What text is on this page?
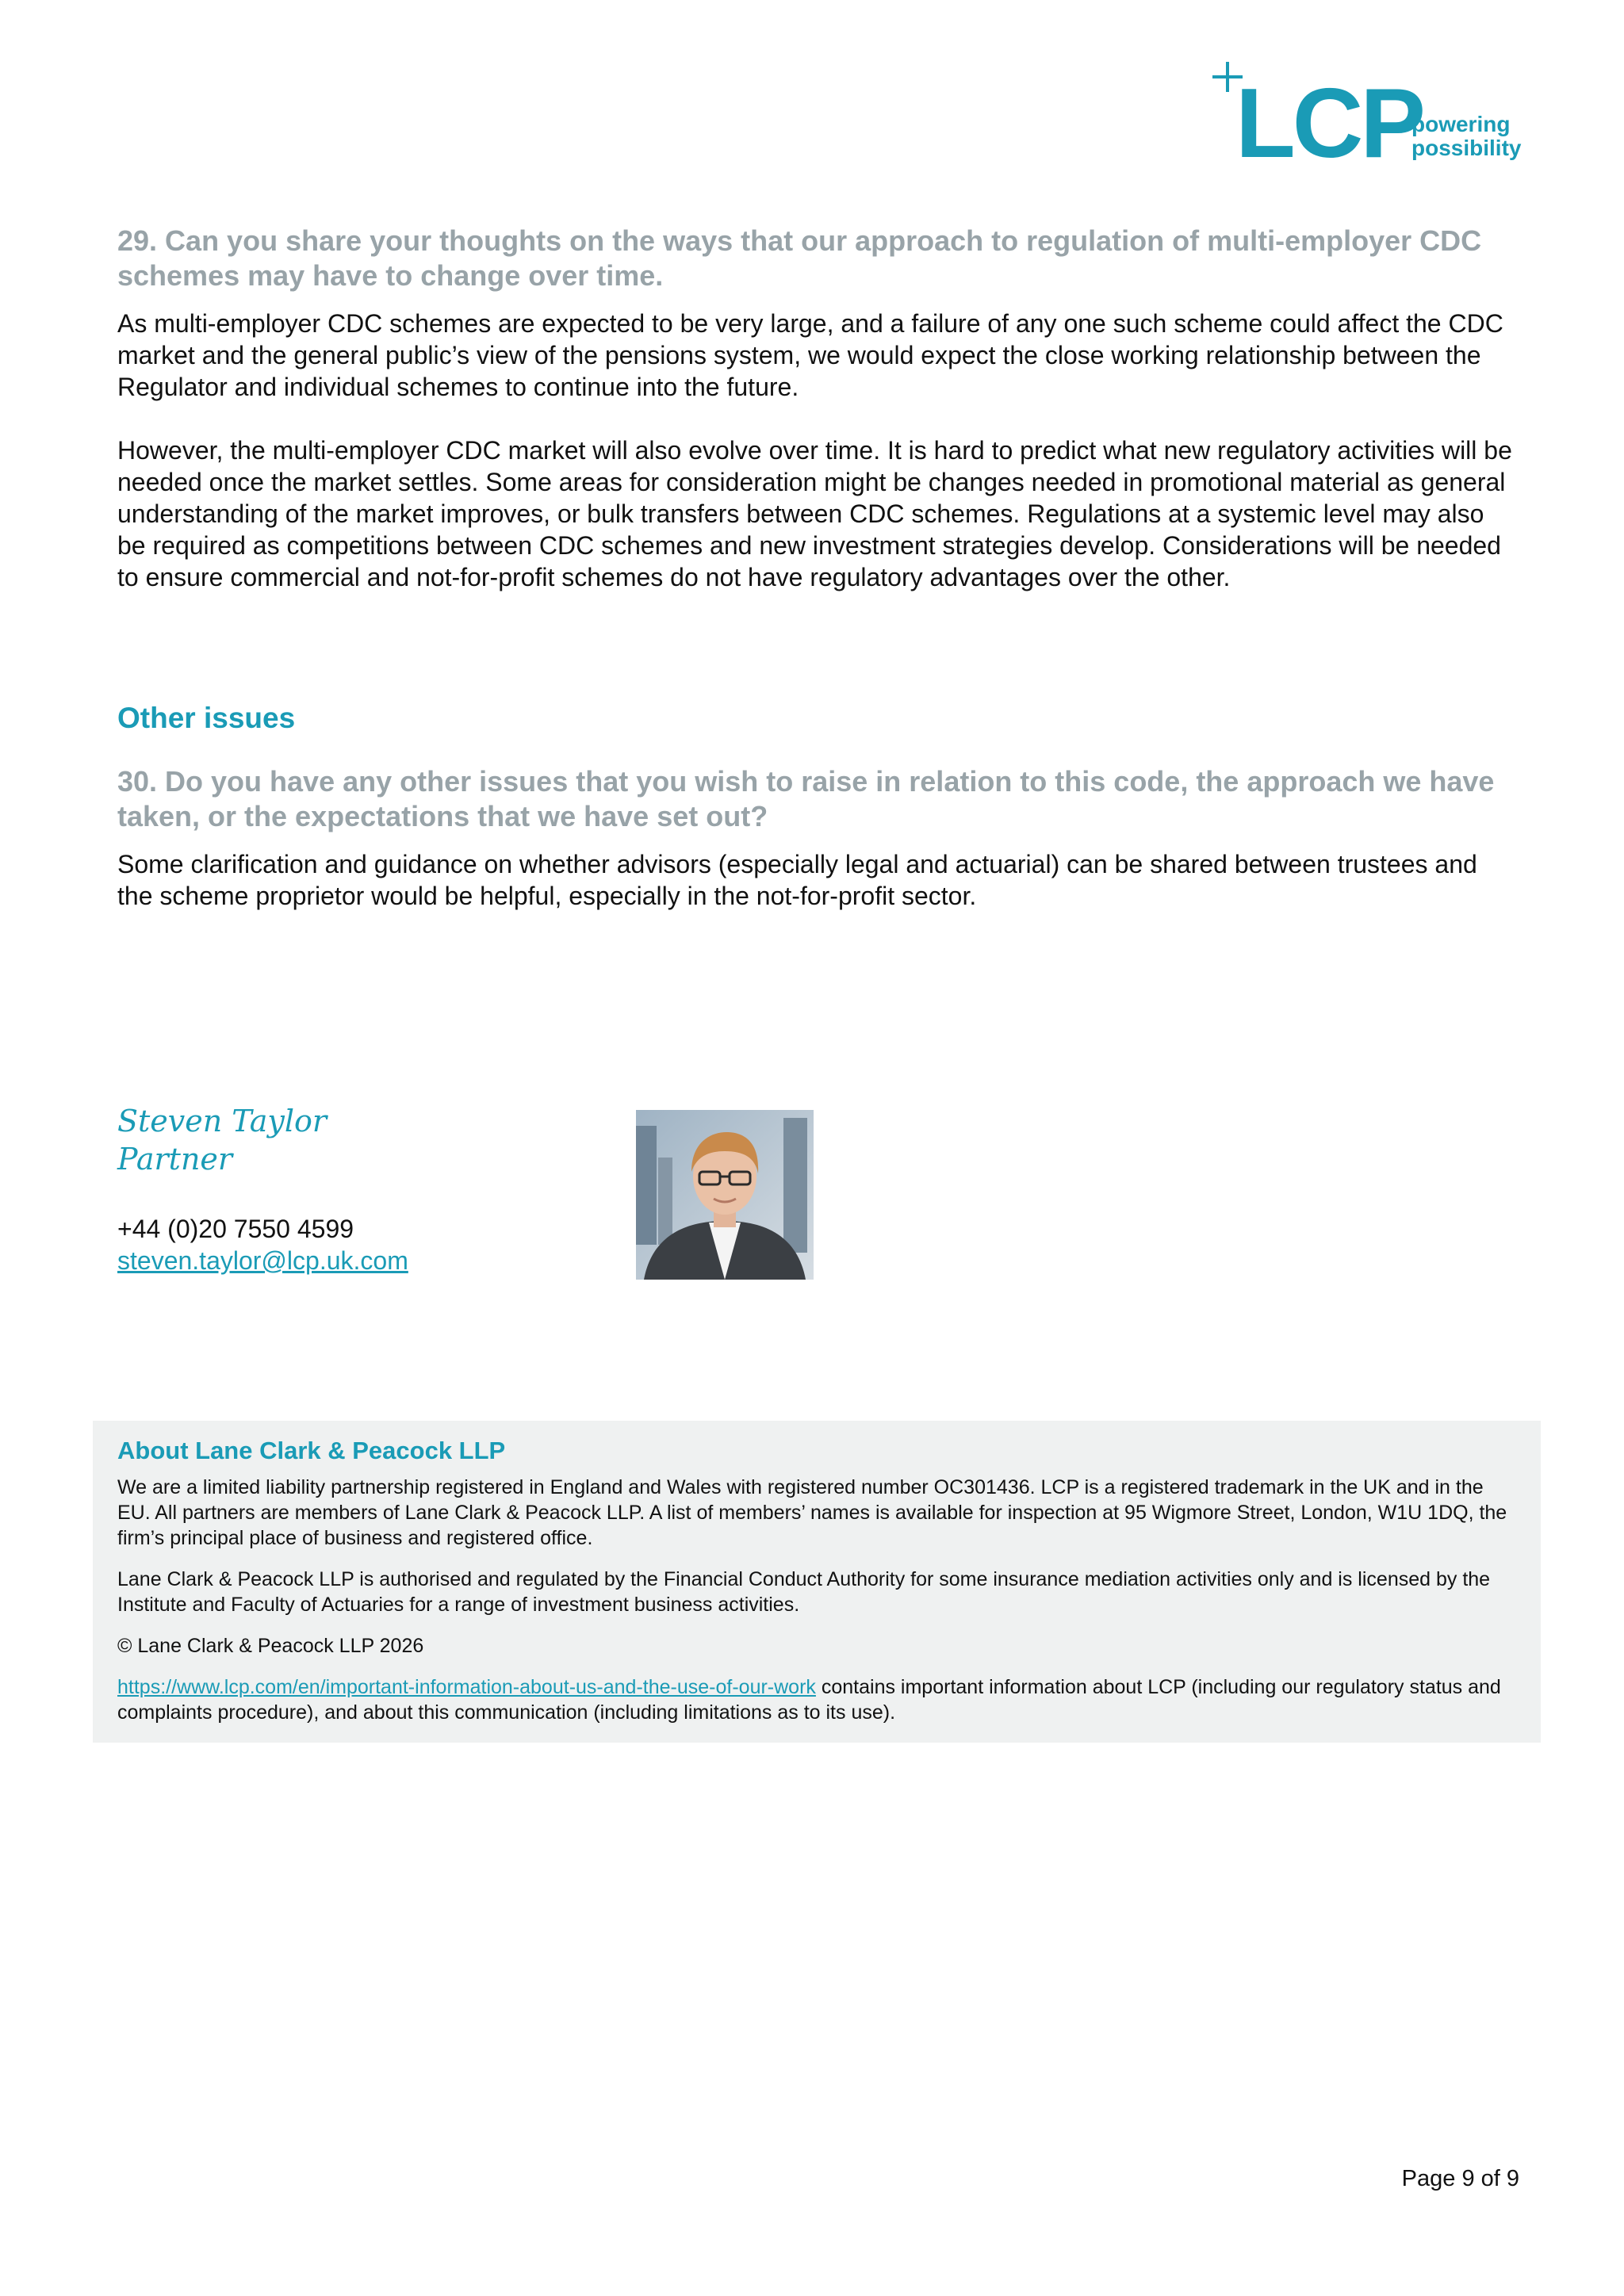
LCP
powering
possibility
29. Can you share your thoughts on the ways that our approach to regulation of multi-employer CDC schemes may have to change over time.

As multi-employer CDC schemes are expected to be very large, and a failure of any one such scheme could affect the CDC market and the general public’s view of the pensions system, we would expect the close working relationship between the Regulator and individual schemes to continue into the future.

However, the multi-employer CDC market will also evolve over time. It is hard to predict what new regulatory activities will be needed once the market settles. Some areas for consideration might be changes needed in promotional material as general understanding of the market improves, or bulk transfers between CDC schemes. Regulations at a systemic level may also be required as competitions between CDC schemes and new investment strategies develop. Considerations will be needed to ensure commercial and not-for-profit schemes do not have regulatory advantages over the other.

Other issues
30. Do you have any other issues that you wish to raise in relation to this code, the approach we have taken, or the expectations that we have set out?

Some clarification and guidance on whether advisors (especially legal and actuarial) can be shared between trustees and the scheme proprietor would be helpful, especially in the not-for-profit sector.

Steven Taylor
Partner
+44 (0)20 7550 4599
steven.taylor@lcp.uk.com
About Lane Clark & Peacock LLP

We are a limited liability partnership registered in England and Wales with registered number OC301436. LCP is a registered trademark in the UK and in the EU. All partners are members of Lane Clark & Peacock LLP. A list of members’ names is available for inspection at 95 Wigmore Street, London, W1U 1DQ, the firm’s principal place of business and registered office.

Lane Clark & Peacock LLP is authorised and regulated by the Financial Conduct Authority for some insurance mediation activities only and is licensed by the Institute and Faculty of Actuaries for a range of investment business activities.

© Lane Clark & Peacock LLP 2026

https://www.lcp.com/en/important-information-about-us-and-the-use-of-our-work contains important information about LCP (including our regulatory status and complaints procedure), and about this communication (including limitations as to its use).

Page 9 of 9
